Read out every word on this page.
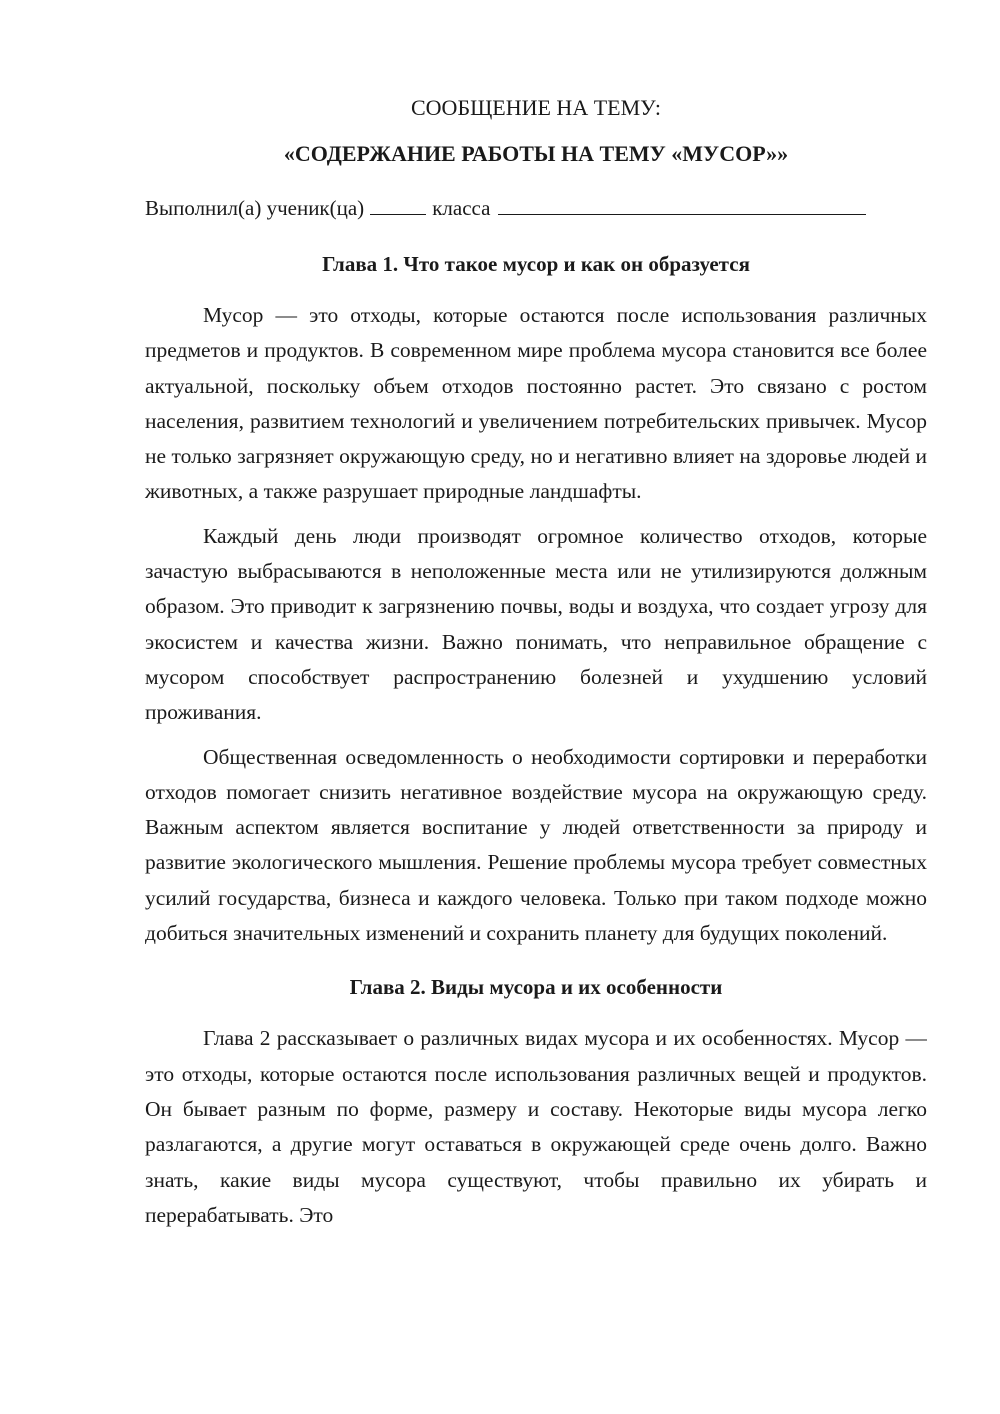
СООБЩЕНИЕ НА ТЕМУ:

«СОДЕРЖАНИЕ РАБОТЫ НА ТЕМУ «МУСОР»»

Выполнил(а) ученик(ца)	класса
Глава 1. Что такое мусор и как он образуется

Мусор — это отходы, которые остаются после использования различных предметов и продуктов. В современном мире проблема мусора становится все более актуальной, поскольку объем отходов постоянно растет. Это связано с ростом населения, развитием технологий и увеличением потребительских привычек. Мусор не только загрязняет окружающую среду, но и негативно влияет на здоровье людей и животных, а также разрушает природные ландшафты.

Каждый день люди производят огромное количество отходов, которые зачастую выбрасываются в неположенные места или не утилизируются должным образом. Это приводит к загрязнению почвы, воды и воздуха, что создает угрозу для экосистем и качества жизни. Важно понимать, что неправильное обращение с мусором способствует распространению болезней и ухудшению условий проживания.

Общественная осведомленность о необходимости сортировки и переработки отходов помогает снизить негативное воздействие мусора на окружающую среду. Важным аспектом является воспитание у людей ответственности за природу и развитие экологического мышления. Решение проблемы мусора требует совместных усилий государства, бизнеса и каждого человека. Только при таком подходе можно добиться значительных изменений и сохранить планету для будущих поколений.

Глава 2. Виды мусора и их особенности

Глава 2 рассказывает о различных видах мусора и их особенностях. Мусор — это отходы, которые остаются после использования различных вещей и продуктов. Он бывает разным по форме, размеру и составу. Некоторые виды мусора легко разлагаются, а другие могут оставаться в окружающей среде очень долго. Важно знать, какие виды мусора существуют, чтобы правильно их убирать и перерабатывать. Это
